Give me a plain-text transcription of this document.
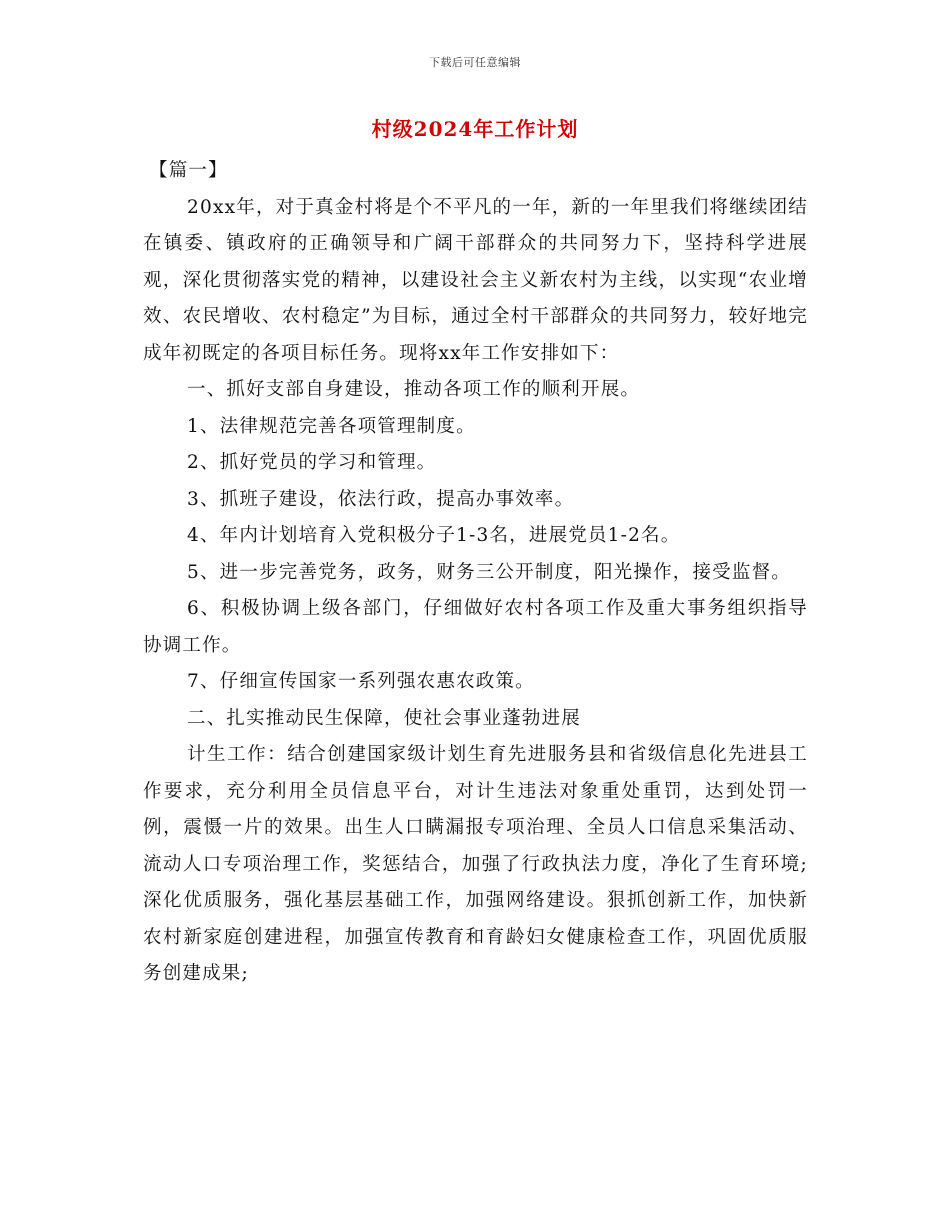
下载后可任意编辑
村级2024年工作计划

【篇一】

20xx年，对于真金村将是个不平凡的一年，新的一年里我们将继续团结在镇委、镇政府的正确领导和广阔干部群众的共同努力下，坚持科学进展观，深化贯彻落实党的精神，以建设社会主义新农村为主线，以实现“农业增效、农民增收、农村稳定”为目标，通过全村干部群众的共同努力，较好地完成年初既定的各项目标任务。现将xx年工作安排如下：

一、抓好支部自身建设，推动各项工作的顺利开展。

1、法律规范完善各项管理制度。

2、抓好党员的学习和管理。

3、抓班子建设，依法行政，提高办事效率。

4、年内计划培育入党积极分子1-3名，进展党员1-2名。

5、进一步完善党务，政务，财务三公开制度，阳光操作，接受监督。

6、积极协调上级各部门，仔细做好农村各项工作及重大事务组织指导协调工作。

7、仔细宣传国家一系列强农惠农政策。

二、扎实推动民生保障，使社会事业蓬勃进展

计生工作：结合创建国家级计划生育先进服务县和省级信息化先进县工作要求，充分利用全员信息平台，对计生违法对象重处重罚，达到处罚一例，震慑一片的效果。出生人口瞒漏报专项治理、全员人口信息采集活动、流动人口专项治理工作，奖惩结合，加强了行政执法力度，净化了生育环境;深化优质服务，强化基层基础工作，加强网络建设。狠抓创新工作，加快新农村新家庭创建进程，加强宣传教育和育龄妇女健康检查工作，巩固优质服务创建成果;
